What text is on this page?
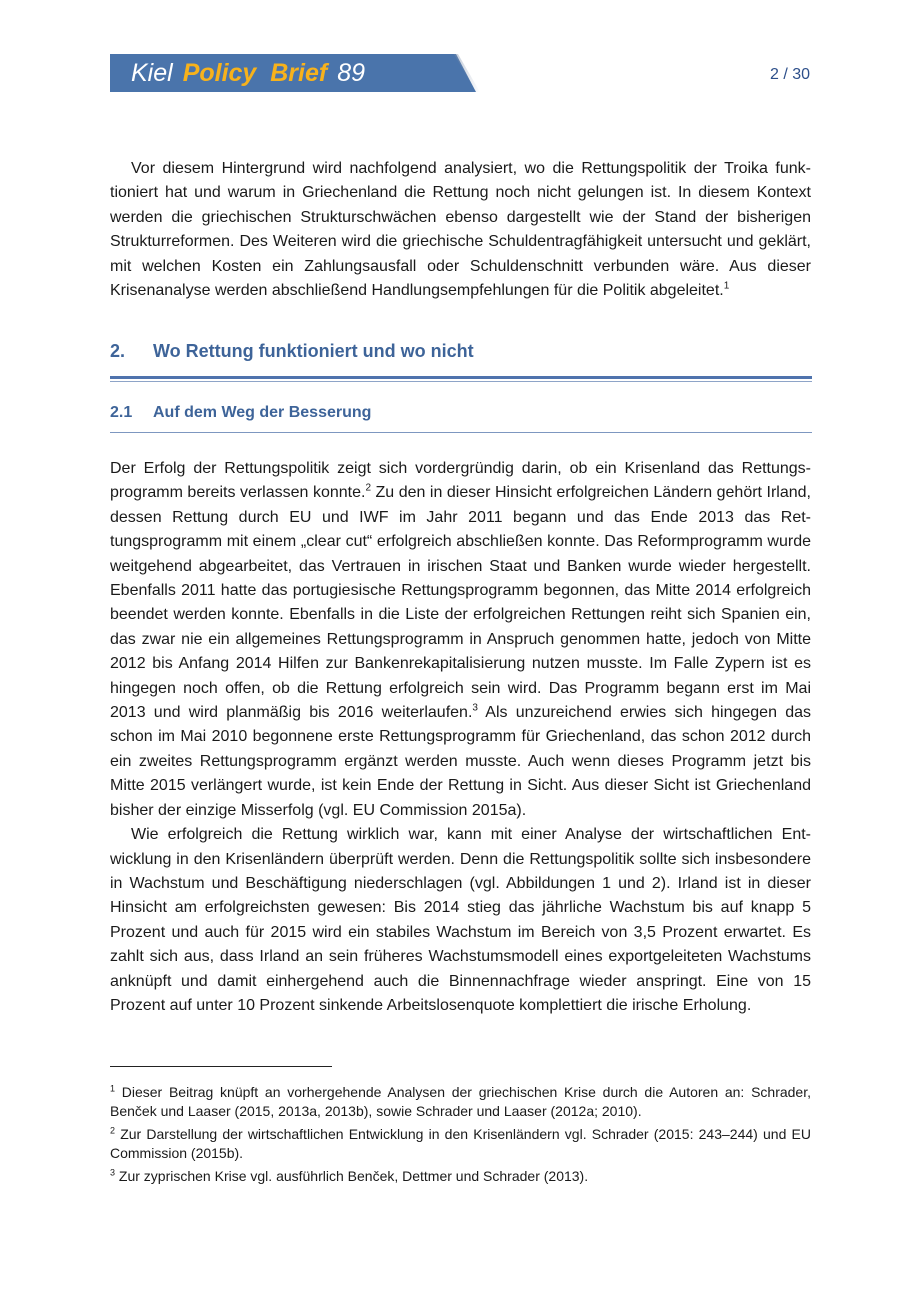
Kiel Policy  Brief 89	2 / 30

Vor diesem Hintergrund wird nachfolgend analysiert, wo die Rettungspolitik der Troika funktioniert hat und warum in Griechenland die Rettung noch nicht gelungen ist. In diesem Kontext werden die griechischen Strukturschwächen ebenso dargestellt wie der Stand der bisherigen Strukturreformen. Des Weiteren wird die griechische Schuldentragfähigkeit untersucht und geklärt, mit welchen Kosten ein Zahlungsausfall oder Schuldenschnitt verbunden wäre. Aus dieser Krisenanalyse werden abschließend Handlungsempfehlungen für die Politik abgeleitet.$^1$

2. Wo Rettung funktioniert und wo nicht
2.1 Auf dem Weg der Besserung

Der Erfolg der Rettungspolitik zeigt sich vordergründig darin, ob ein Krisenland das Rettungsprogramm bereits verlassen konnte.$^2$ Zu den in dieser Hinsicht erfolgreichen Ländern gehört Irland, dessen Rettung durch EU und IWF im Jahr 2011 begann und das Ende 2013 das Rettungsprogramm mit einem „clear cut“ erfolgreich abschließen konnte. Das Reformprogramm wurde weitgehend abgearbeitet, das Vertrauen in irischen Staat und Banken wurde wieder hergestellt. Ebenfalls 2011 hatte das portugiesische Rettungsprogramm begonnen, das Mitte 2014 erfolgreich beendet werden konnte. Ebenfalls in die Liste der erfolgreichen Rettungen reiht sich Spanien ein, das zwar nie ein allgemeines Rettungsprogramm in Anspruch genommen hatte, jedoch von Mitte 2012 bis Anfang 2014 Hilfen zur Bankenrekapitalisierung nutzen musste. Im Falle Zypern ist es hingegen noch offen, ob die Rettung erfolgreich sein wird. Das Programm begann erst im Mai 2013 und wird planmäßig bis 2016 weiterlaufen.$^3$ Als unzureichend erwies sich hingegen das schon im Mai 2010 begonnene erste Rettungsprogramm für Griechenland, das schon 2012 durch ein zweites Rettungsprogramm ergänzt werden musste. Auch wenn dieses Programm jetzt bis Mitte 2015 verlängert wurde, ist kein Ende der Rettung in Sicht. Aus dieser Sicht ist Griechenland bisher der einzige Misserfolg (vgl. EU Commission 2015a).

Wie erfolgreich die Rettung wirklich war, kann mit einer Analyse der wirtschaftlichen Entwicklung in den Krisenländern überprüft werden. Denn die Rettungspolitik sollte sich insbesondere in Wachstum und Beschäftigung niederschlagen (vgl. Abbildungen 1 und 2). Irland ist in dieser Hinsicht am erfolgreichsten gewesen: Bis 2014 stieg das jährliche Wachstum bis auf knapp 5 Prozent und auch für 2015 wird ein stabiles Wachstum im Bereich von 3,5 Prozent erwartet. Es zahlt sich aus, dass Irland an sein früheres Wachstumsmodell eines exportgeleiteten Wachstums anknüpft und damit einhergehend auch die Binnennachfrage wieder anspringt. Eine von 15 Prozent auf unter 10 Prozent sinkende Arbeitslosenquote komplettiert die irische Erholung.

$^1$ Dieser Beitrag knüpft an vorhergehende Analysen der griechischen Krise durch die Autoren an: Schrader, Benček und Laaser (2015, 2013a, 2013b), sowie Schrader und Laaser (2012a; 2010).

$^2$ Zur Darstellung der wirtschaftlichen Entwicklung in den Krisenländern vgl. Schrader (2015: 243–244) und EU Commission (2015b).

$^3$ Zur zyprischen Krise vgl. ausführlich Benček, Dettmer und Schrader (2013).
